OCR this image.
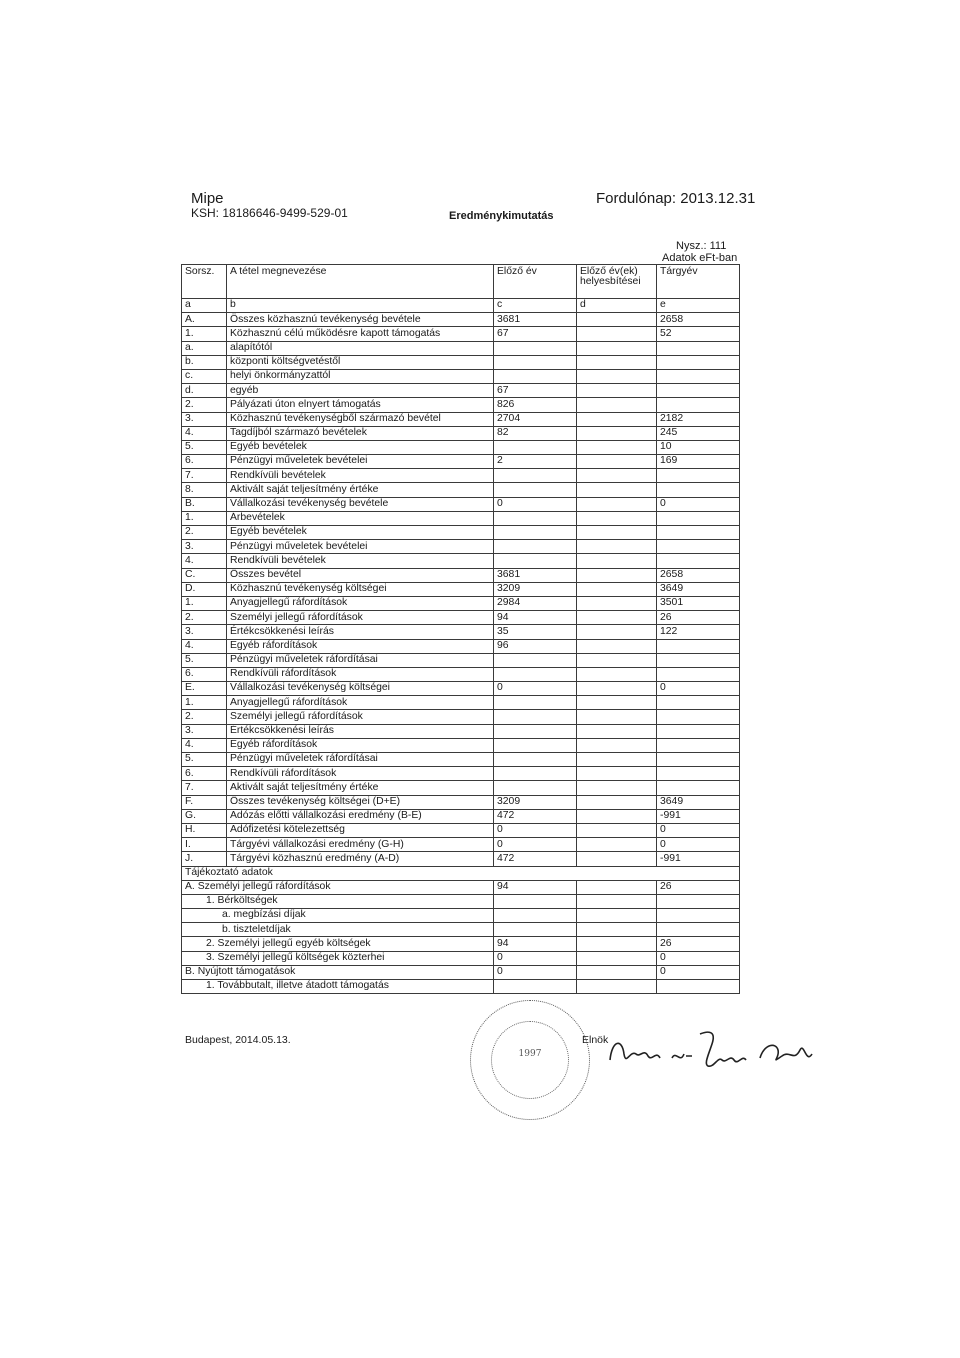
Mipe
KSH: 18186646-9499-529-01	Eredménykimutatás
Fordulónap: 2013.12.31
Nysz.: 111
Adatok eFt-ban
Sorsz.	A tétel megnevezése	Előző év	Előző év(ek) helyesbítései	Tárgyév
a	b	c	d	e
A.	Összes közhasznú tevékenység bevétele	3681		2658
1.	Közhasznú célú működésre kapott támogatás	67		52
a.	alapítótól			
b.	központi költségvetéstől			
c.	helyi önkormányzattól			
d.	egyéb	67		
2.	Pályázati úton elnyert támogatás	826		
3.	Közhasznú tevékenységből származó bevétel	2704		2182
4.	Tagdíjból származó bevételek	82		245
5.	Egyéb bevételek			10
6.	Pénzügyi műveletek bevételei	2		169
7.	Rendkívüli bevételek			
8.	Aktivált saját teljesítmény értéke			
B.	Vállalkozási tevékenység bevétele	0		0
1.	Árbevételek			
2.	Egyéb bevételek			
3.	Pénzügyi műveletek bevételei			
4.	Rendkívüli bevételek			
C.	Összes bevétel	3681		2658
D.	Közhasznú tevékenység költségei	3209		3649
1.	Anyagjellegű ráfordítások	2984		3501
2.	Személyi jellegű ráfordítások	94		26
3.	Értékcsökkenési leírás	35		122
4.	Egyéb ráfordítások	96		
5.	Pénzügyi műveletek ráfordításai			
6.	Rendkívüli ráfordítások			
E.	Vállalkozási tevékenység költségei	0		0
1.	Anyagjellegű ráfordítások			
2.	Személyi jellegű ráfordítások			
3.	Értékcsökkenési leírás			
4.	Egyéb ráfordítások			
5.	Pénzügyi műveletek ráfordításai			
6.	Rendkívüli ráfordítások			
7.	Aktivált saját teljesítmény értéke			
F.	Összes tevékenység költségei (D+E)	3209		3649
G.	Adózás előtti vállalkozási eredmény (B-E)	472		-991
H.	Adófizetési kötelezettség	0		0
I.	Tárgyévi vállalkozási eredmény (G-H)	0		0
J.	Tárgyévi közhasznú eredmény (A-D)	472		-991
Tájékoztató adatok				
A. Személyi jellegű ráfordítások		94		26
1. Bérköltségek				
a. megbízási díjak				
b. tiszteletdíjak				
2. Személyi jellegű egyéb költségek		94		26
3. Személyi jellegű költségek közterhei		0		0
B. Nyújtott támogatások		0		0
1. Továbbutalt, illetve átadott támogatás				
Budapest, 2014.05.13.
1997
Elnök
